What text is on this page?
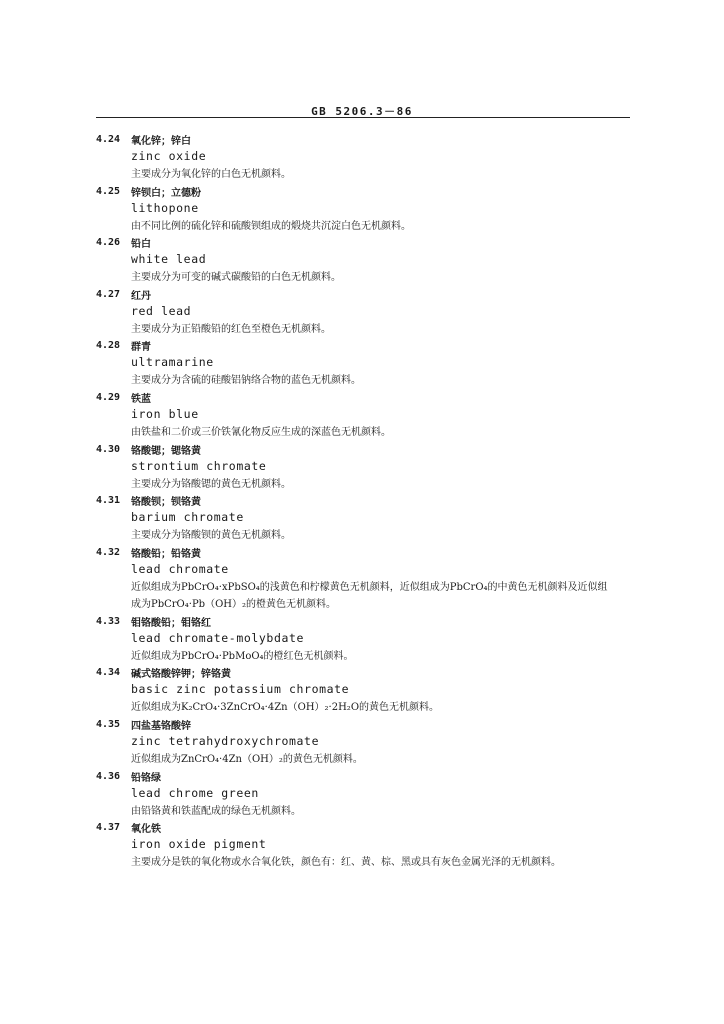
GB 5206.3－86
4.24 氧化锌；锌白
zinc oxide
主要成分为氧化锌的白色无机颜料。
4.25 锌钡白；立德粉
lithopone
由不同比例的硫化锌和硫酸钡组成的煅烧共沉淀白色无机颜料。
4.26 铅白
white lead
主要成分为可变的碱式碳酸铅的白色无机颜料。
4.27 红丹
red lead
主要成分为正铅酸铅的红色至橙色无机颜料。
4.28 群青
ultramarine
主要成分为含硫的硅酸铝钠络合物的蓝色无机颜料。
4.29 铁蓝
iron blue
由铁盐和二价或三价铁氰化物反应生成的深蓝色无机颜料。
4.30 铬酸锶；锶铬黄
strontium chromate
主要成分为铬酸锶的黄色无机颜料。
4.31 铬酸钡；钡铬黄
barium chromate
主要成分为铬酸钡的黄色无机颜料。
4.32 铬酸铅；铅铬黄
lead chromate
近似组成为PbCrO₄·xPbSO₄的浅黄色和柠檬黄色无机颜料，近似组成为PbCrO₄的中黄色无机颜料及近似组成为PbCrO₄·Pb（OH）₂的橙黄色无机颜料。
4.33 钼铬酸铅；钼铬红
lead chromate-molybdate
近似组成为PbCrO₄·PbMoO₄的橙红色无机颜料。
4.34 碱式铬酸锌钾；锌铬黄
basic zinc potassium chromate
近似组成为K₂CrO₄·3ZnCrO₄·4Zn（OH）₂·2H₂O的黄色无机颜料。
4.35 四盐基铬酸锌
zinc tetrahydroxychromate
近似组成为ZnCrO₄·4Zn（OH）₂的黄色无机颜料。
4.36 铅铬绿
lead chrome green
由铅铬黄和铁蓝配成的绿色无机颜料。
4.37 氧化铁
iron oxide pigment
主要成分是铁的氧化物或水合氧化铁，颜色有：红、黄、棕、黑或具有灰色金属光泽的无机颜料。
